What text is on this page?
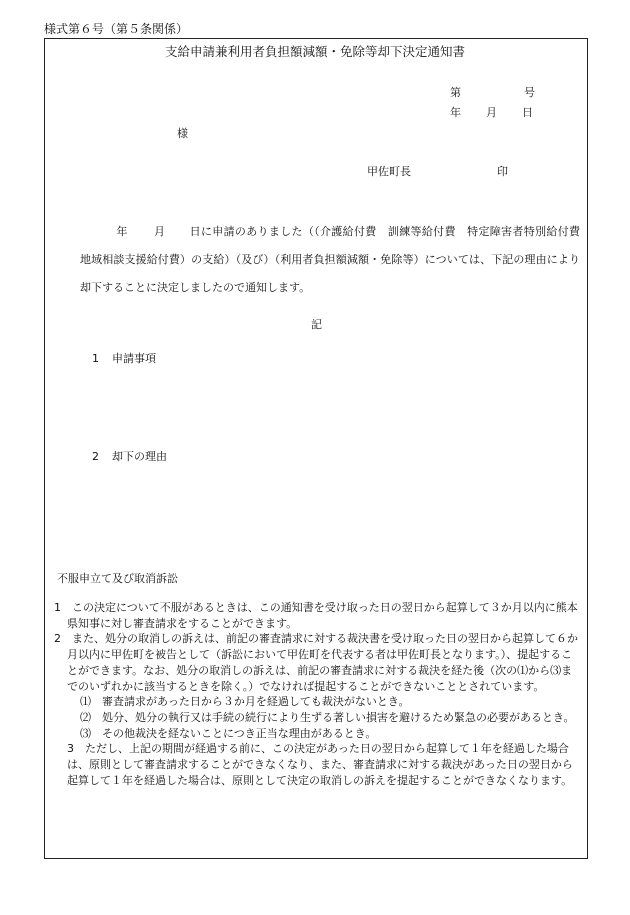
様式第６号（第５条関係）
支給申請兼利用者負担額減額・免除等却下決定通知書
第	号
年 月 日
様
甲佐町長	印
年 月 日に申請のありました（（介護給付費　訓練等給付費　特定障害者特別給付費　地域相談支援給付費）の支給）（及び）（利用者負担額減額・免除等）については、下記の理由により却下することに決定しましたので通知します。
記
1 申請事項
2 却下の理由
不服申立て及び取消訴訟
1　この決定について不服があるときは、この通知書を受け取った日の翌日から起算して３か月以内に熊本県知事に対し審査請求をすることができます。
2　また、処分の取消しの訴えは、前記の審査請求に対する裁決書を受け取った日の翌日から起算して６か月以内に甲佐町を被告として（訴訟において甲佐町を代表する者は甲佐町長となります。）、提起することができます。なお、処分の取消しの訴えは、前記の審査請求に対する裁決を経た後（次の⑴から⑶までのいずれかに該当するときを除く。）でなければ提起することができないこととされています。
⑴　審査請求があった日から３か月を経過しても裁決がないとき。
⑵　処分、処分の執行又は手続の続行により生ずる著しい損害を避けるため緊急の必要があるとき。
⑶　その他裁決を経ないことにつき正当な理由があるとき。
3　ただし、上記の期間が経過する前に、この決定があった日の翌日から起算して１年を経過した場合は、原則として審査請求することができなくなり、また、審査請求に対する裁決があった日の翌日から起算して１年を経過した場合は、原則として決定の取消しの訴えを提起することができなくなります。
